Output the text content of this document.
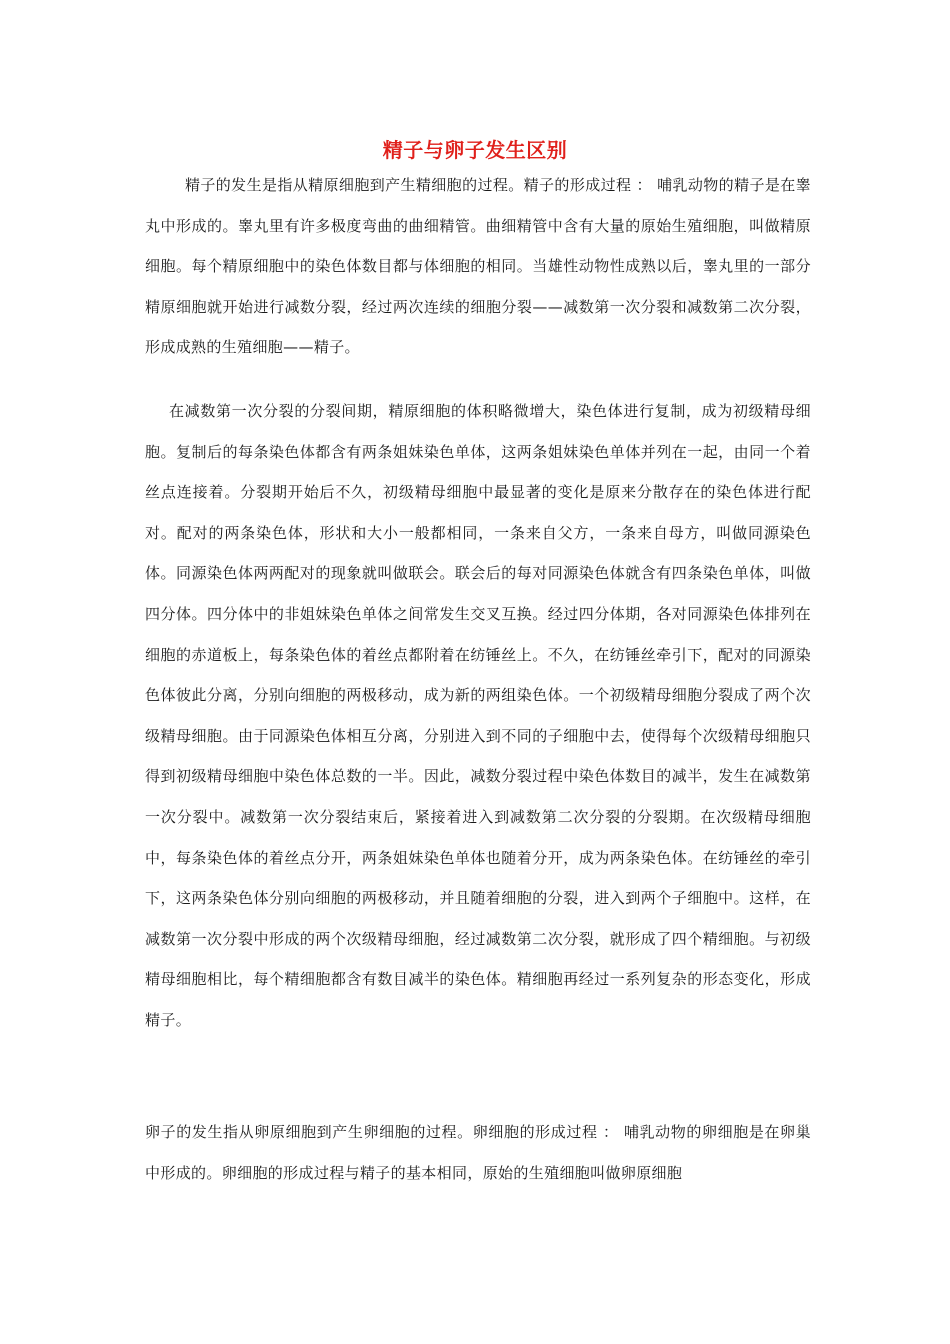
精子与卵子发生区别

精子的发生是指从精原细胞到产生精细胞的过程。精子的形成过程 ： 哺乳动物的精子是在睾丸中形成的。睾丸里有许多极度弯曲的曲细精管。曲细精管中含有大量的原始生殖细胞，叫做精原细胞。每个精原细胞中的染色体数目都与体细胞的相同。当雄性动物性成熟以后，睾丸里的一部分精原细胞就开始进行减数分裂，经过两次连续的细胞分裂——减数第一次分裂和减数第二次分裂，形成成熟的生殖细胞——精子。

在减数第一次分裂的分裂间期，精原细胞的体积略微增大，染色体进行复制，成为初级精母细胞。复制后的每条染色体都含有两条姐妹染色单体，这两条姐妹染色单体并列在一起，由同一个着丝点连接着。分裂期开始后不久，初级精母细胞中最显著的变化是原来分散存在的染色体进行配对。配对的两条染色体，形状和大小一般都相同，一条来自父方，一条来自母方，叫做同源染色体。同源染色体两两配对的现象就叫做联会。联会后的每对同源染色体就含有四条染色单体，叫做四分体。四分体中的非姐妹染色单体之间常发生交叉互换。经过四分体期，各对同源染色体排列在细胞的赤道板上，每条染色体的着丝点都附着在纺锤丝上。不久，在纺锤丝牵引下，配对的同源染色体彼此分离，分别向细胞的两极移动，成为新的两组染色体。一个初级精母细胞分裂成了两个次级精母细胞。由于同源染色体相互分离，分别进入到不同的子细胞中去，使得每个次级精母细胞只得到初级精母细胞中染色体总数的一半。因此，减数分裂过程中染色体数目的减半，发生在减数第一次分裂中。减数第一次分裂结束后，紧接着进入到减数第二次分裂的分裂期。在次级精母细胞中，每条染色体的着丝点分开，两条姐妹染色单体也随着分开，成为两条染色体。在纺锤丝的牵引下，这两条染色体分别向细胞的两极移动，并且随着细胞的分裂，进入到两个子细胞中。这样，在减数第一次分裂中形成的两个次级精母细胞，经过减数第二次分裂，就形成了四个精细胞。与初级精母细胞相比，每个精细胞都含有数目减半的染色体。精细胞再经过一系列复杂的形态变化，形成精子。

卵子的发生指从卵原细胞到产生卵细胞的过程。卵细胞的形成过程 ： 哺乳动物的卵细胞是在卵巢中形成的。卵细胞的形成过程与精子的基本相同，原始的生殖细胞叫做卵原细胞
